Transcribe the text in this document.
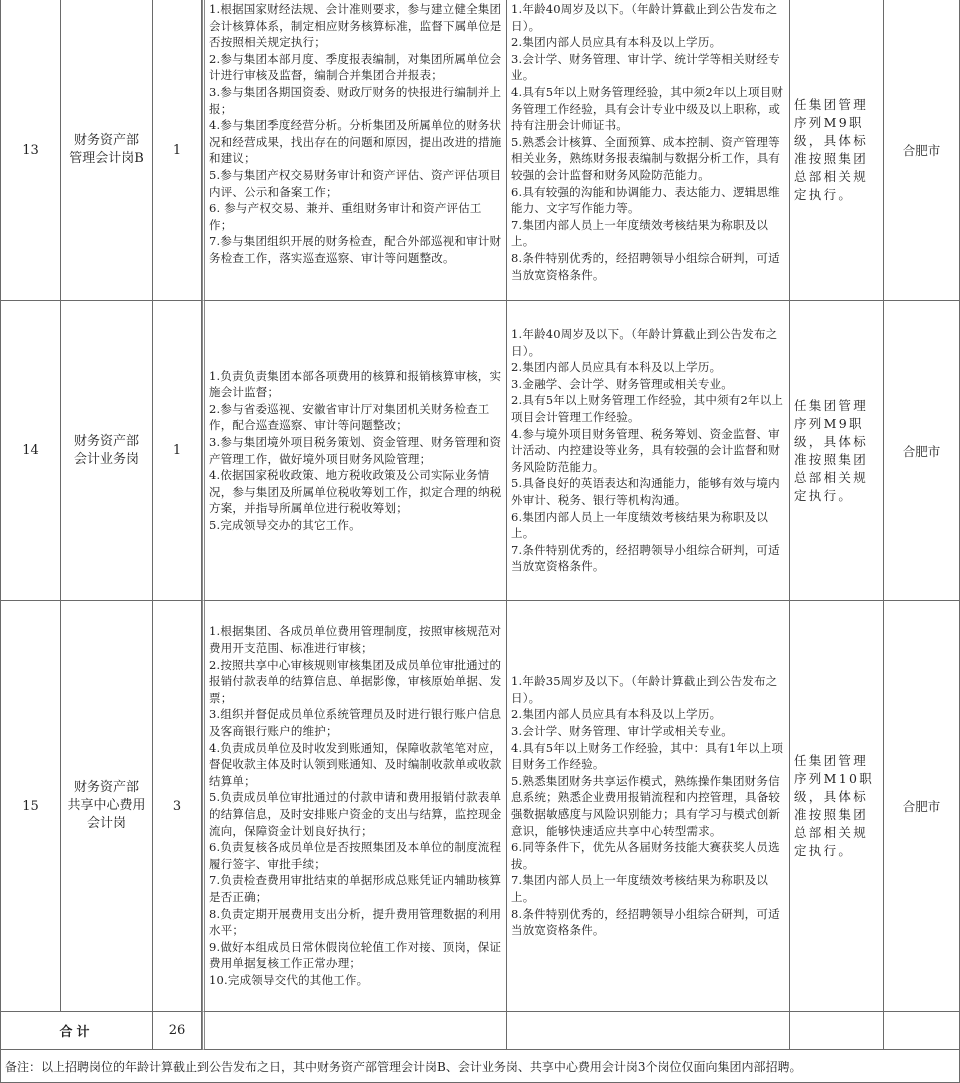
13
财务资产部
管理会计岗B
1
1.根据国家财经法规、会计准则要求，参与建立健全集团会计核算体系，制定相应财务核算标准，监督下属单位是否按照相关规定执行；
2.参与集团本部月度、季度报表编制，对集团所属单位会计进行审核及监督，编制合并集团合并报表；
3.参与集团各期国资委、财政厅财务的快报进行编制并上报；
4.参与集团季度经营分析。分析集团及所属单位的财务状况和经营成果，找出存在的问题和原因，提出改进的措施和建议；
5.参与集团产权交易财务审计和资产评估、资产评估项目内评、公示和备案工作；
6. 参与产权交易、兼并、重组财务审计和资产评估工作；
7.参与集团组织开展的财务检查，配合外部巡视和审计财务检查工作，落实巡查巡察、审计等问题整改。
1.年龄40周岁及以下。（年龄计算截止到公告发布之日）。
2.集团内部人员应具有本科及以上学历。
3.会计学、财务管理、审计学、统计学等相关财经专业。
4.具有5年以上财务管理经验，其中须2年以上项目财务管理工作经验，具有会计专业中级及以上职称，或持有注册会计师证书。
5.熟悉会计核算、全面预算、成本控制、资产管理等相关业务，熟练财务报表编制与数据分析工作，具有较强的会计监督和财务风险防范能力。
6.具有较强的沟能和协调能力、表达能力、逻辑思维能力、文字写作能力等。
7.集团内部人员上一年度绩效考核结果为称职及以上。
8.条件特别优秀的，经招聘领导小组综合研判，可适当放宽资格条件。
任集团管理序列M9职级，具体标准按照集团总部相关规定执行。
合肥市
14
财务资产部
会计业务岗
1
1.负责负责集团本部各项费用的核算和报销核算审核，实施会计监督；
2.参与省委巡视、安徽省审计厅对集团机关财务检查工作，配合巡查巡察、审计等问题整改；
3.参与集团境外项目税务策划、资金管理、财务管理和资产管理工作，做好境外项目财务风险管理；
4.依据国家税收政策、地方税收政策及公司实际业务情况，参与集团及所属单位税收筹划工作，拟定合理的纳税方案，并指导所属单位进行税收筹划；
5.完成领导交办的其它工作。
1.年龄40周岁及以下。（年龄计算截止到公告发布之日）。
2.集团内部人员应具有本科及以上学历。
3.金融学、会计学、财务管理或相关专业。
2.具有5年以上财务管理工作经验，其中须有2年以上项目会计管理工作经验。
4.参与境外项目财务管理、税务筹划、资金监督、审计活动、内控建设等业务，具有较强的会计监督和财务风险防范能力。
5.具备良好的英语表达和沟通能力，能够有效与境内外审计、税务、银行等机构沟通。
6.集团内部人员上一年度绩效考核结果为称职及以上。
7.条件特别优秀的，经招聘领导小组综合研判，可适当放宽资格条件。
任集团管理序列M9职级，具体标准按照集团总部相关规定执行。
合肥市
15
财务资产部
共享中心费用
会计岗
3
1.根据集团、各成员单位费用管理制度，按照审核规范对费用开支范围、标准进行审核；
2.按照共享中心审核规则审核集团及成员单位审批通过的报销付款表单的结算信息、单据影像，审核原始单据、发票；
3.组织并督促成员单位系统管理员及时进行银行账户信息及客商银行账户的维护；
4.负责成员单位及时收发到账通知，保障收款笔笔对应，督促收款主体及时认领到账通知、及时编制收款单或收款结算单；
5.负责成员单位审批通过的付款申请和费用报销付款表单的结算信息，及时安排账户资金的支出与结算，监控现金流向，保障资金计划良好执行；
6.负责复核各成员单位是否按照集团及本单位的制度流程履行签字、审批手续；
7.负责检查费用审批结束的单据形成总账凭证内辅助核算是否正确；
8.负责定期开展费用支出分析，提升费用管理数据的利用水平；
9.做好本组成员日常休假岗位轮值工作对接、顶岗，保证费用单据复核工作正常办理；
10.完成领导交代的其他工作。
1.年龄35周岁及以下。（年龄计算截止到公告发布之日）。
2.集团内部人员应具有本科及以上学历。
3.会计学、财务管理、审计学或相关专业。
4.具有5年以上财务工作经验，其中：具有1年以上项目财务工作经验。
5.熟悉集团财务共享运作模式，熟练操作集团财务信息系统；熟悉企业费用报销流程和内控管理，具备较强数据敏感度与风险识别能力；具有学习与模式创新意识，能够快速适应共享中心转型需求。
6.同等条件下，优先从各届财务技能大赛获奖人员选拔。
7.集团内部人员上一年度绩效考核结果为称职及以上。
8.条件特别优秀的，经招聘领导小组综合研判，可适当放宽资格条件。
任集团管理序列M10职级，具体标准按照集团总部相关规定执行。
合肥市
合计	26
备注：以上招聘岗位的年龄计算截止到公告发布之日，其中财务资产部管理会计岗B、会计业务岗、共享中心费用会计岗3个岗位仅面向集团内部招聘。
